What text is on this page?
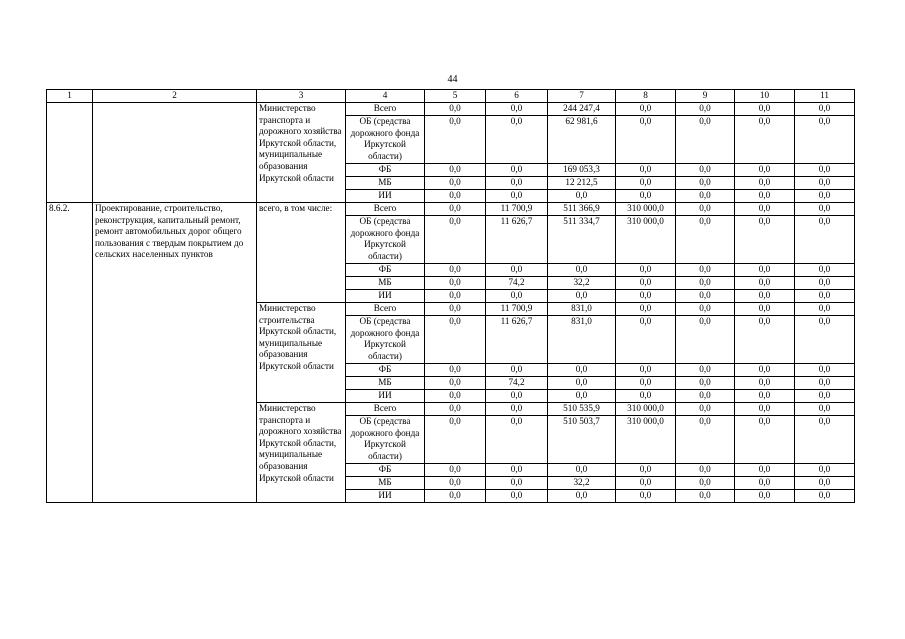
44
1	2	3	4	5	6	7	8	9	10	11
		Министерство транспорта и дорожного хозяйства Иркутской области, муниципальные образования Иркутской области	Всего	0,0	0,0	244 247,4	0,0	0,0	0,0	0,0
			ОБ (средства дорожного фонда Иркутской области)	0,0	0,0	62 981,6	0,0	0,0	0,0	0,0
			ФБ	0,0	0,0	169 053,3	0,0	0,0	0,0	0,0
			МБ	0,0	0,0	12 212,5	0,0	0,0	0,0	0,0
			ИИ	0,0	0,0	0,0	0,0	0,0	0,0	0,0
8.6.2.	Проектирование, строительство, реконструкция, капитальный ремонт, ремонт автомобильных дорог общего пользования с твердым покрытием до сельских населенных пунктов	всего, в том числе:	Всего	0,0	11 700,9	511 366,9	310 000,0	0,0	0,0	0,0
			ОБ (средства дорожного фонда Иркутской области)	0,0	11 626,7	511 334,7	310 000,0	0,0	0,0	0,0
			ФБ	0,0	0,0	0,0	0,0	0,0	0,0	0,0
			МБ	0,0	74,2	32,2	0,0	0,0	0,0	0,0
			ИИ	0,0	0,0	0,0	0,0	0,0	0,0	0,0
		Министерство строительства Иркутской области, муниципальные образования Иркутской области	Всего	0,0	11 700,9	831,0	0,0	0,0	0,0	0,0
			ОБ (средства дорожного фонда Иркутской области)	0,0	11 626,7	831,0	0,0	0,0	0,0	0,0
			ФБ	0,0	0,0	0,0	0,0	0,0	0,0	0,0
			МБ	0,0	74,2	0,0	0,0	0,0	0,0	0,0
			ИИ	0,0	0,0	0,0	0,0	0,0	0,0	0,0
		Министерство транспорта и дорожного хозяйства Иркутской области, муниципальные образования Иркутской области	Всего	0,0	0,0	510 535,9	310 000,0	0,0	0,0	0,0
			ОБ (средства дорожного фонда Иркутской области)	0,0	0,0	510 503,7	310 000,0	0,0	0,0	0,0
			ФБ	0,0	0,0	0,0	0,0	0,0	0,0	0,0
			МБ	0,0	0,0	32,2	0,0	0,0	0,0	0,0
			ИИ	0,0	0,0	0,0	0,0	0,0	0,0	0,0
